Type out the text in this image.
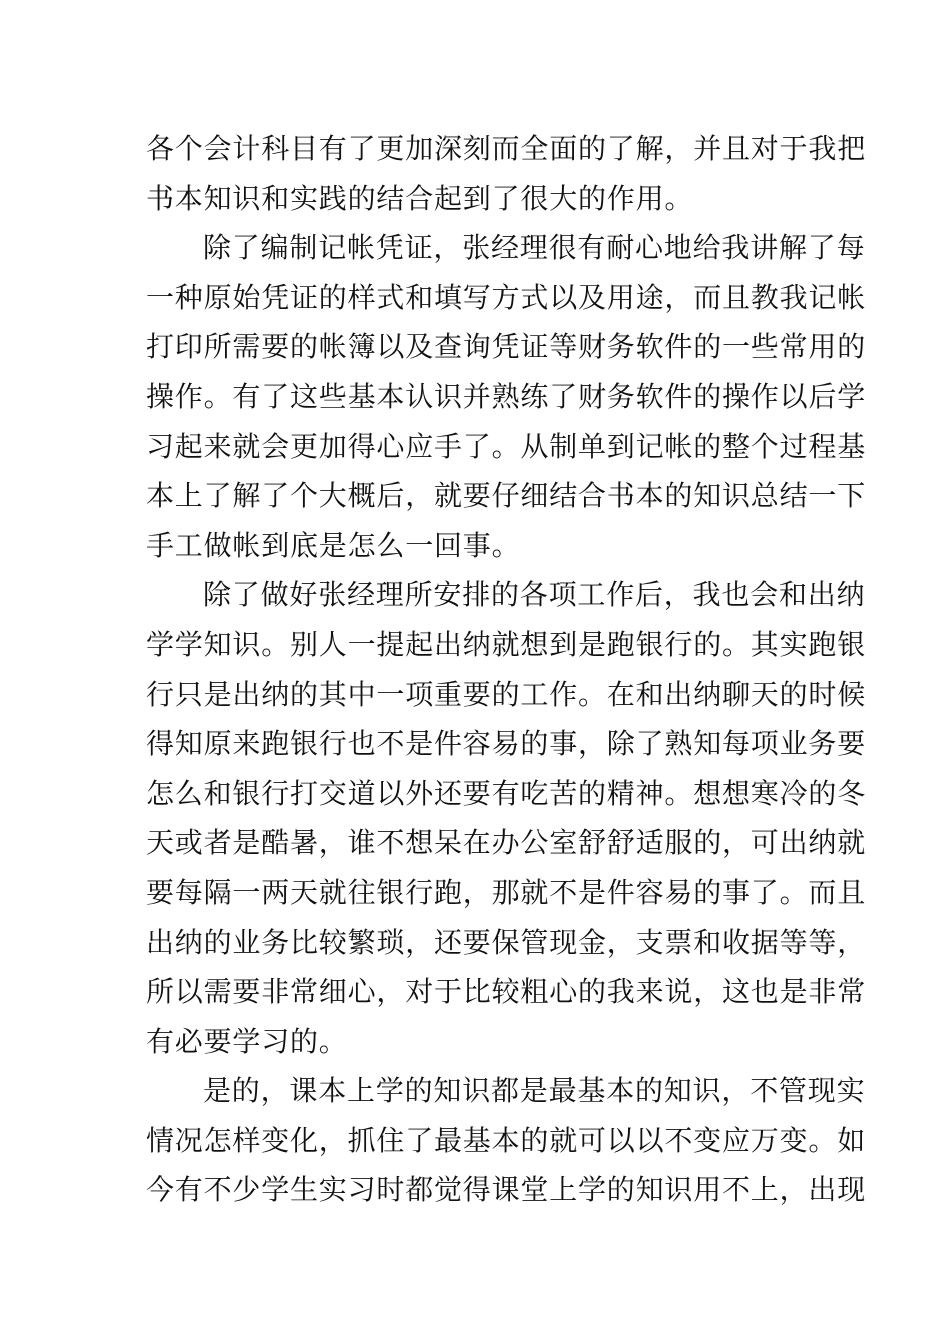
各个会计科目有了更加深刻而全面的了解，并且对于我把
书本知识和实践的结合起到了很大的作用。
除了编制记帐凭证，张经理很有耐心地给我讲解了每
一种原始凭证的样式和填写方式以及用途，而且教我记帐
打印所需要的帐簿以及查询凭证等财务软件的一些常用的
操作。有了这些基本认识并熟练了财务软件的操作以后学
习起来就会更加得心应手了。从制单到记帐的整个过程基
本上了解了个大概后，就要仔细结合书本的知识总结一下
手工做帐到底是怎么一回事。
除了做好张经理所安排的各项工作后，我也会和出纳
学学知识。别人一提起出纳就想到是跑银行的。其实跑银
行只是出纳的其中一项重要的工作。在和出纳聊天的时候
得知原来跑银行也不是件容易的事，除了熟知每项业务要
怎么和银行打交道以外还要有吃苦的精神。想想寒冷的冬
天或者是酷暑，谁不想呆在办公室舒舒适服的，可出纳就
要每隔一两天就往银行跑，那就不是件容易的事了。而且
出纳的业务比较繁琐，还要保管现金，支票和收据等等，
所以需要非常细心，对于比较粗心的我来说，这也是非常
有必要学习的。
是的，课本上学的知识都是最基本的知识，不管现实
情况怎样变化，抓住了最基本的就可以以不变应万变。如
今有不少学生实习时都觉得课堂上学的知识用不上，出现
